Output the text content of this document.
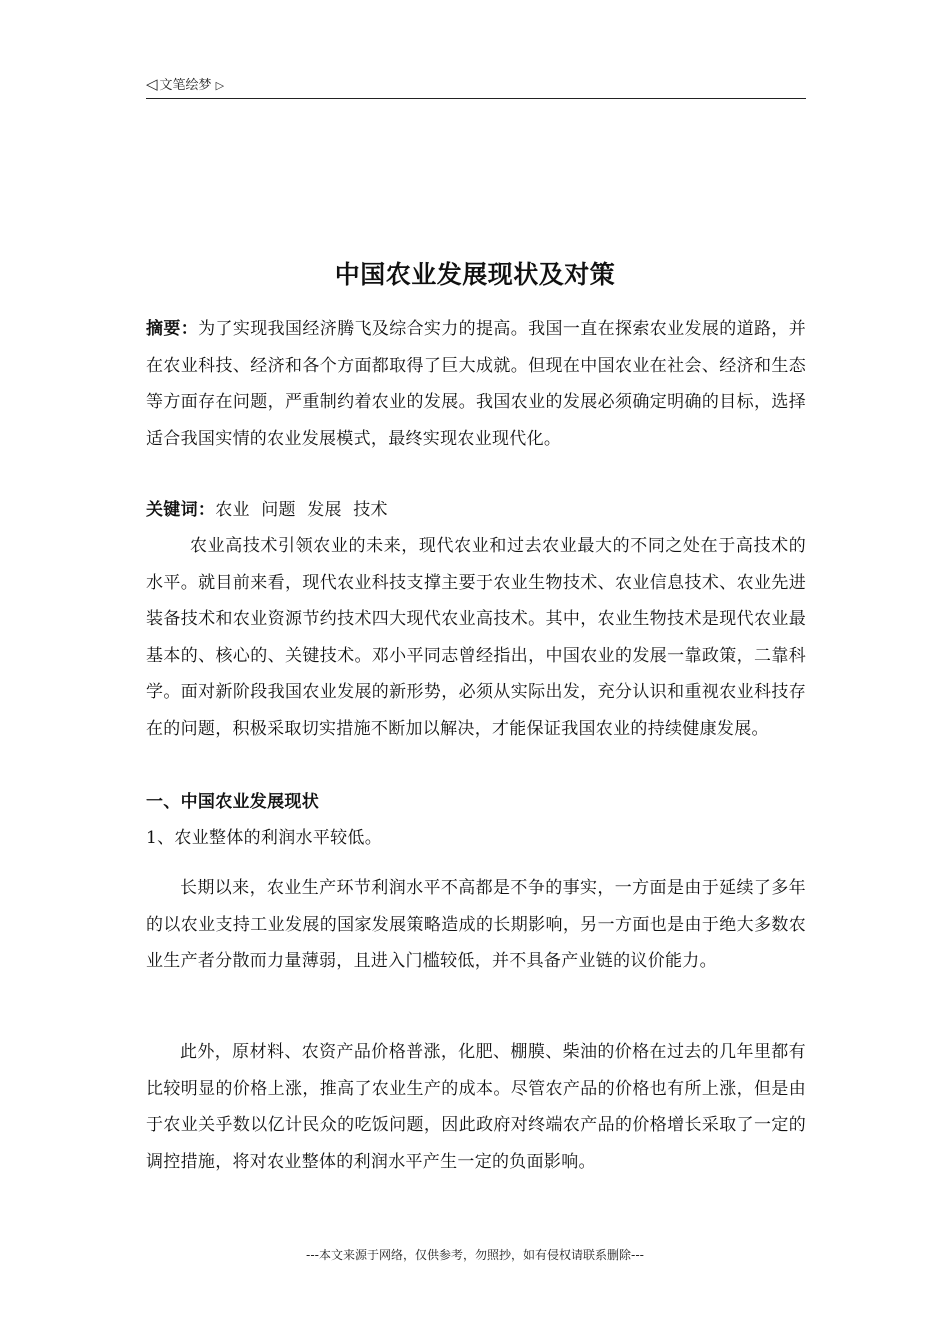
◁ 文笔绘梦 ▷
中国农业发展现状及对策

摘要：为了实现我国经济腾飞及综合实力的提高。我国一直在探索农业发展的道路，并在农业科技、经济和各个方面都取得了巨大成就。但现在中国农业在社会、经济和生态等方面存在问题，严重制约着农业的发展。我国农业的发展必须确定明确的目标，选择适合我国实情的农业发展模式，最终实现农业现代化。

关键词：农业  问题  发展  技术

农业高技术引领农业的未来，现代农业和过去农业最大的不同之处在于高技术的水平。就目前来看，现代农业科技支撑主要于农业生物技术、农业信息技术、农业先进装备技术和农业资源节约技术四大现代农业高技术。其中，农业生物技术是现代农业最基本的、核心的、关键技术。邓小平同志曾经指出，中国农业的发展一靠政策，二靠科学。面对新阶段我国农业发展的新形势，必须从实际出发，充分认识和重视农业科技存在的问题，积极采取切实措施不断加以解决，才能保证我国农业的持续健康发展。

一、中国农业发展现状

1、农业整体的利润水平较低。

长期以来，农业生产环节利润水平不高都是不争的事实，一方面是由于延续了多年的以农业支持工业发展的国家发展策略造成的长期影响，另一方面也是由于绝大多数农业生产者分散而力量薄弱，且进入门槛较低，并不具备产业链的议价能力。

此外，原材料、农资产品价格普涨，化肥、棚膜、柴油的价格在过去的几年里都有比较明显的价格上涨，推高了农业生产的成本。尽管农产品的价格也有所上涨，但是由于农业关乎数以亿计民众的吃饭问题，因此政府对终端农产品的价格增长采取了一定的调控措施，将对农业整体的利润水平产生一定的负面影响。

---本文来源于网络，仅供参考，勿照抄，如有侵权请联系删除---
